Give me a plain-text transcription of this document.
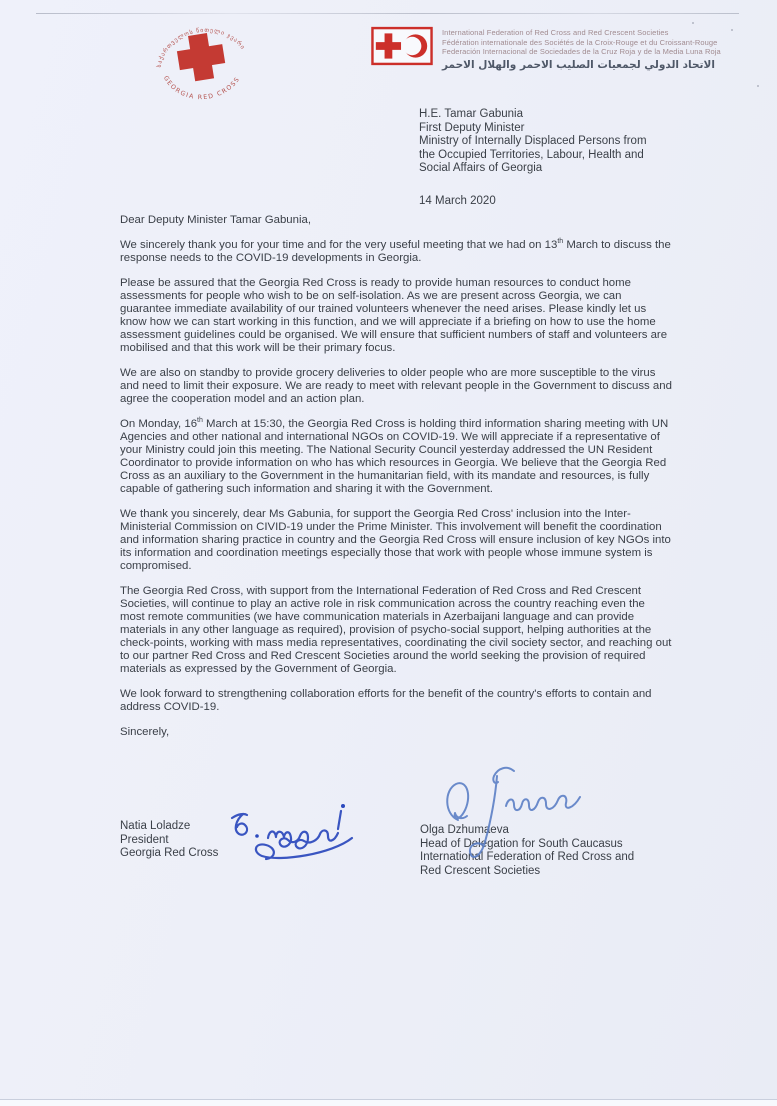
საქართველოს წითელი ჯვარი
GEORGIA RED CROSS
International Federation of Red Cross and Red Crescent Societies
Fédération internationale des Sociétés de la Croix-Rouge et du Croissant-Rouge
Federación Internacional de Sociedades de la Cruz Roja y de la Media Luna Roja
الاتحاد الدولي لجمعيات الصليب الاحمر والهلال الاحمر
H.E. Tamar Gabunia
First Deputy Minister
Ministry of Internally Displaced Persons from
the Occupied Territories, Labour, Health and
Social Affairs of Georgia
14 March 2020

Dear Deputy Minister Tamar Gabunia,

We sincerely thank you for your time and for the very useful meeting that we had on 13th March to discuss the response needs to the COVID-19 developments in Georgia.

Please be assured that the Georgia Red Cross is ready to provide human resources to conduct home assessments for people who wish to be on self-isolation. As we are present across Georgia, we can guarantee immediate availability of our trained volunteers whenever the need arises. Please kindly let us know how we can start working in this function, and we will appreciate if a briefing on how to use the home assessment guidelines could be organised. We will ensure that sufficient numbers of staff and volunteers are mobilised and that this work will be their primary focus.

We are also on standby to provide grocery deliveries to older people who are more susceptible to the virus and need to limit their exposure. We are ready to meet with relevant people in the Government to discuss and agree the cooperation model and an action plan.

On Monday, 16th March at 15:30, the Georgia Red Cross is holding third information sharing meeting with UN Agencies and other national and international NGOs on COVID-19. We will appreciate if a representative of your Ministry could join this meeting. The National Security Council yesterday addressed the UN Resident Coordinator to provide information on who has which resources in Georgia. We believe that the Georgia Red Cross as an auxiliary to the Government in the humanitarian field, with its mandate and resources, is fully capable of gathering such information and sharing it with the Government.

We thank you sincerely, dear Ms Gabunia, for support the Georgia Red Cross' inclusion into the Inter-Ministerial Commission on CIVID-19 under the Prime Minister. This involvement will benefit the coordination and information sharing practice in country and the Georgia Red Cross will ensure inclusion of key NGOs into its information and coordination meetings especially those that work with people whose immune system is compromised.

The Georgia Red Cross, with support from the International Federation of Red Cross and Red Crescent Societies, will continue to play an active role in risk communication across the country reaching even the most remote communities (we have communication materials in Azerbaijani language and can provide materials in any other language as required), provision of psycho-social support, helping authorities at the check-points, working with mass media representatives, coordinating the civil society sector, and reaching out to our partner Red Cross and Red Crescent Societies around the world seeking the provision of required materials as expressed by the Government of Georgia.

We look forward to strengthening collaboration efforts for the benefit of the country's efforts to contain and address COVID-19.

Sincerely,

Natia Loladze
President
Georgia Red Cross
Olga Dzhumaeva
Head of Delegation for South Caucasus
International Federation of Red Cross and
Red Crescent Societies
